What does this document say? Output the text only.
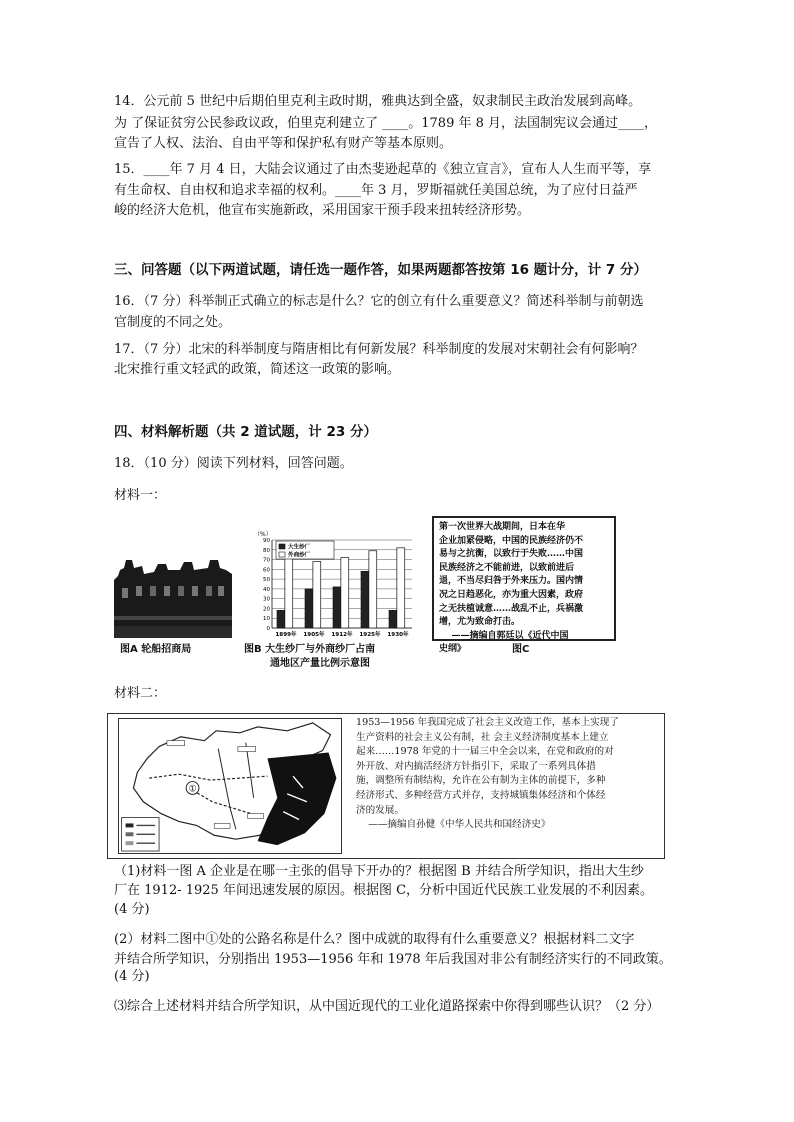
14．公元前 5 世纪中后期伯里克利主政时期，雅典达到全盛，奴隶制民主政治发展到高峰。
为 了保证贫穷公民参政议政，伯里克利建立了 ____。1789 年 8 月，法国制宪议会通过____，
宣告了人权、法治、自由平等和保护私有财产等基本原则。
15．____年 7 月 4 日，大陆会议通过了由杰斐逊起草的《独立宣言》，宣布人人生而平等，享
有生命权、自由权和追求幸福的权利。____年 3 月，罗斯福就任美国总统，为了应付日益严
峻的经济大危机，他宣布实施新政，采用国家干预手段来扭转经济形势。
三、问答题（以下两道试题，请任选一题作答，如果两题都答按第 16 题计分，计 7 分）
16．（7 分）科举制正式确立的标志是什么？它的创立有什么重要意义？简述科举制与前朝选
官制度的不同之处。
17．（7 分）北宋的科举制度与隋唐相比有何新发展？科举制度的发展对宋朝社会有何影响？
北宋推行重文轻武的政策，简述这一政策的影响。
四、材料解析题（共 2 道试题，计 23 分）
18．（10 分）阅读下列材料，回答问题。
材料一：
图A 轮船招商局
（%）
0
10
20
30
40
50
60
70
80
90
1899年 1905年 1912年 1925年 1930年
大生纱厂
外商纱厂
图B 大生纱厂与外商纱厂占南
通地区产量比例示意图
第一次世界大战期间，日本在华
企业加紧侵略，中国的民族经济仍不
易与之抗衡，以致行于失败……中国
民族经济之不能前进，以致前进后
退，不当尽归咎于外来压力。国内情
况之日趋恶化，亦为重大因素，政府
之无扶植诚意……战乱不止，兵祸激
增，尤为致命打击。
——摘编自郭廷以《近代中国
史纲》	图C
材料二：
①
1953—1956 年我国完成了社会主义改造工作，基本上实现了
生产资料的社会主义公有制，社 会主义经济制度基本上建立
起来……1978 年党的十一届三中全会以来，在党和政府的对
外开放、对内搞活经济方针指引下，采取了一系列具体措
施，调整所有制结构，允许在公有制为主体的前提下，多种
经济形式、多种经营方式并存，支持城镇集体经济和个体经
济的发展。
——摘编自孙健《中华人民共和国经济史》
（1)材料一图 A 企业是在哪一主张的倡导下开办的？根据图 B 并结合所学知识，指出大生纱
厂在 1912- 1925 年间迅速发展的原因。根据图 C，分析中国近代民族工业发展的不利因素。
(4 分)
(2）材料二图中①处的公路名称是什么？图中成就的取得有什么重要意义？根据材料二文字
并结合所学知识，分别指出 1953—1956 年和 1978 年后我国对非公有制经济实行的不同政策。
(4 分)
⑶综合上述材料并结合所学知识，从中国近现代的工业化道路探索中你得到哪些认识？（2 分）
